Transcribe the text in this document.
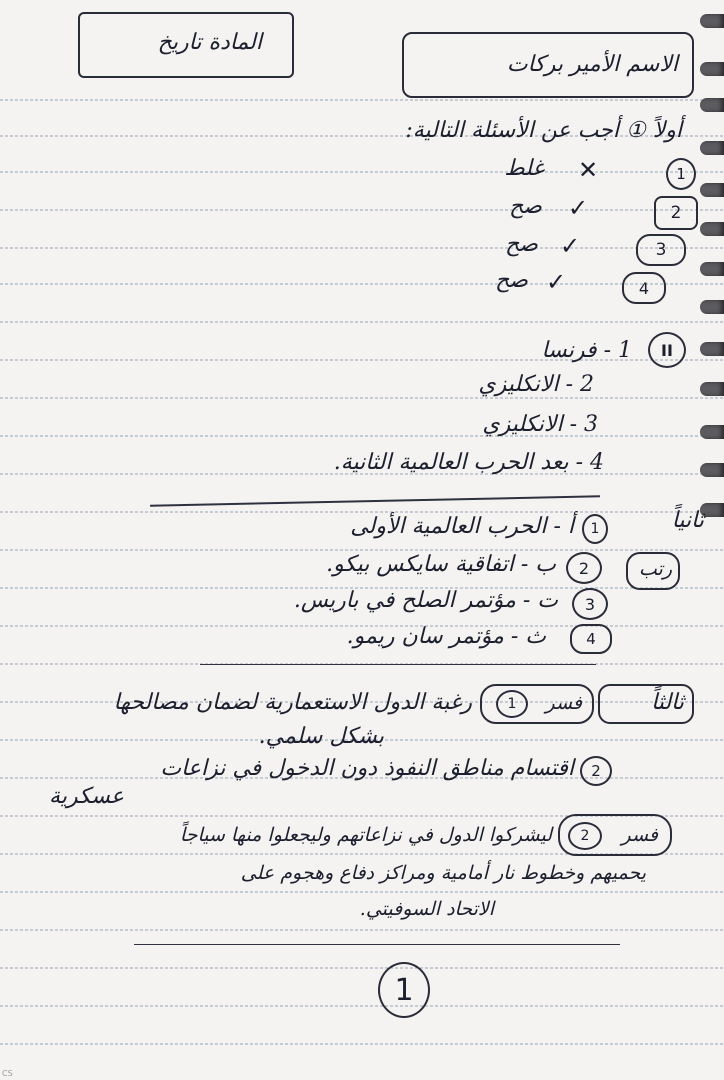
المادة تاريخ
الاسم الأمير بركات
أولاً ① أجب عن الأسئلة التالية:
1
غلط ✕
2
صح ✓
3
صح ✓
4
صح ✓
II
1 - فرنسا
2 - الانكليزي
3 - الانكليزي
4 - بعد الحرب العالمية الثانية.
ثانياً
رتب
1
أ - الحرب العالمية الأولى
2
ب - اتفاقية سايكس بيكو.
3
ت - مؤتمر الصلح في باريس.
4
ث - مؤتمر سان ريمو.
ثالثاً
فسر
1
رغبة الدول الاستعمارية لضمان مصالحها
بشكل سلمي.
2
اقتسام مناطق النفوذ دون الدخول في نزاعات
عسكرية
فسر
2
ليشركوا الدول في نزاعاتهم وليجعلوا منها سياجاً
يحميهم وخطوط نار أمامية ومراكز دفاع وهجوم على
الاتحاد السوفيتي.
1
CS
